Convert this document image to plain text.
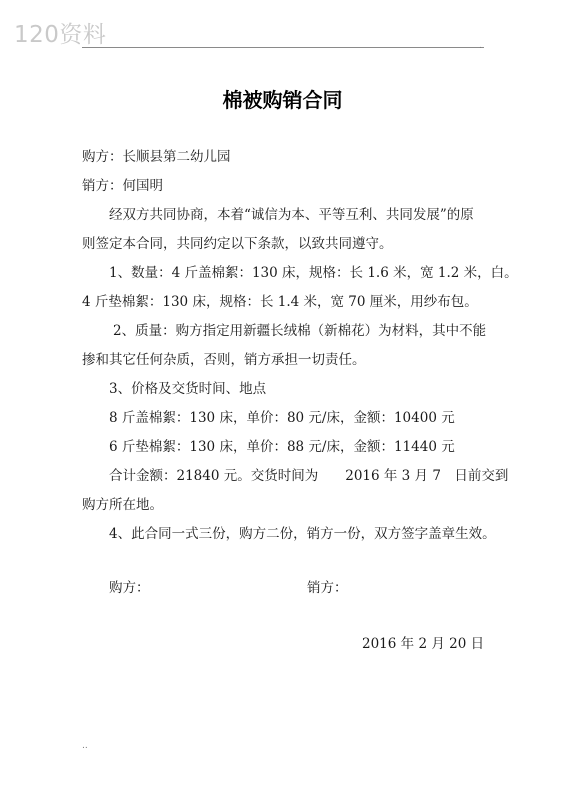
120资料	.
棉被购销合同
购方：长顺县第二幼儿园
销方：何国明
经双方共同协商，本着“诚信为本、平等互利、共同发展”的原
则签定本合同，共同约定以下条款，以致共同遵守。
1、数量：4 斤盖棉絮：130 床，规格：长 1.6 米，宽 1.2 米，白。
4 斤垫棉絮：130 床，规格：长 1.4 米，宽 70 厘米，用纱布包。
2、质量：购方指定用新疆长绒棉（新棉花）为材料，其中不能
掺和其它任何杂质，否则，销方承担一切责任。
3、价格及交货时间、地点
8 斤盖棉絮：130 床，单价：80 元/床，金额：10400 元
6 斤垫棉絮：130 床，单价：88 元/床，金额：11440 元
合计金额：21840 元。交货时间为　　2016 年 3 月 7　日前交到
购方所在地。
4、此合同一式三份，购方二份，销方一份，双方签字盖章生效。
购方：	销方：
2016 年 2 月 20 日
..
